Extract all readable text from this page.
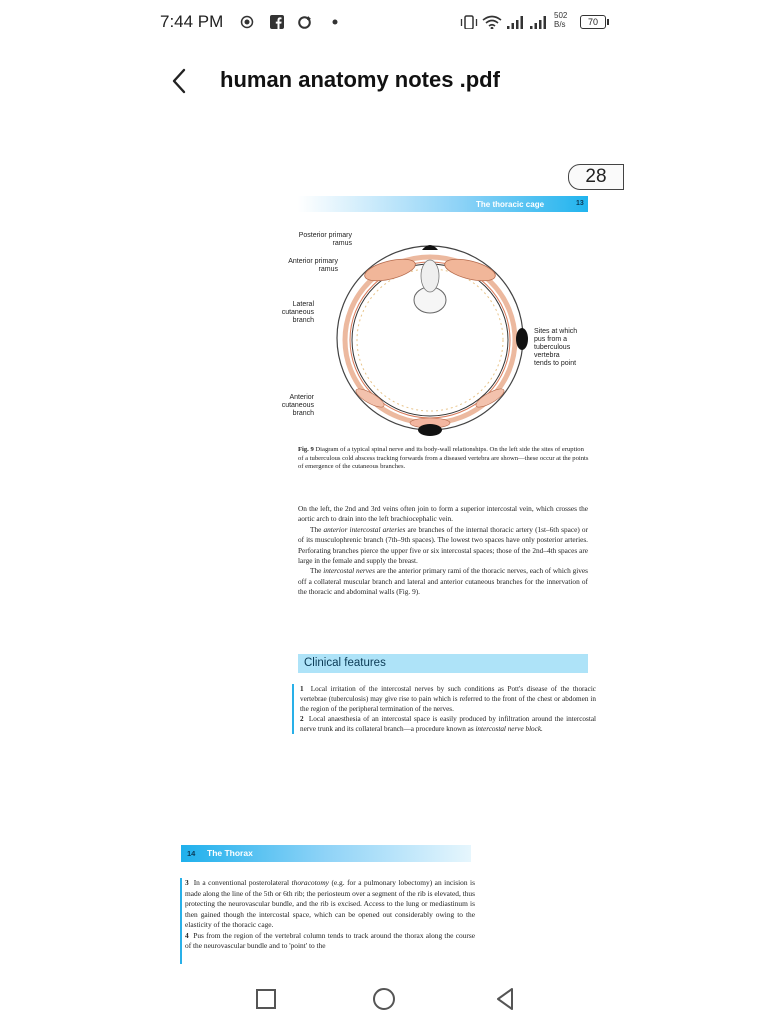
7:44 PM	502
B/s	70
human anatomy notes .pdf
28
The thoracic cage	13
Posterior primary
ramus
Anterior primary
ramus
Lateral
cutaneous
branch
Anterior
cutaneous
branch
Sites at which
pus from a
tuberculous
vertebra
tends to point
Fig. 9 Diagram of a typical spinal nerve and its body-wall relationships. On the left side the sites of eruption of a tuberculous cold abscess tracking forwards from a diseased vertebra are shown—these occur at the points of emergence of the cutaneous branches.

On the left, the 2nd and 3rd veins often join to form a superior intercostal vein, which crosses the aortic arch to drain into the left brachiocephalic vein.

The anterior intercostal arteries are branches of the internal thoracic artery (1st–6th space) or of its musculophrenic branch (7th–9th spaces). The lowest two spaces have only posterior arteries. Perforating branches pierce the upper five or six intercostal spaces; those of the 2nd–4th spaces are large in the female and supply the breast.

The intercostal nerves are the anterior primary rami of the thoracic nerves, each of which gives off a collateral muscular branch and lateral and anterior cutaneous branches for the innervation of the thoracic and abdominal walls (Fig. 9).

Clinical features

1 Local irritation of the intercostal nerves by such conditions as Pott's disease of the thoracic vertebrae (tuberculosis) may give rise to pain which is referred to the front of the chest or abdomen in the region of the peripheral termination of the nerves.

2 Local anaesthesia of an intercostal space is easily produced by infiltration around the intercostal nerve trunk and its collateral branch—a procedure known as intercostal nerve block.

14 The Thorax

3 In a conventional posterolateral thoracotomy (e.g. for a pulmonary lobectomy) an incision is made along the line of the 5th or 6th rib; the periosteum over a segment of the rib is elevated, thus protecting the neurovascular bundle, and the rib is excised. Access to the lung or mediastinum is then gained though the intercostal space, which can be opened out considerably owing to the elasticity of the thoracic cage.

4 Pus from the region of the vertebral column tends to track around the thorax along the course of the neurovascular bundle and to 'point' to the
